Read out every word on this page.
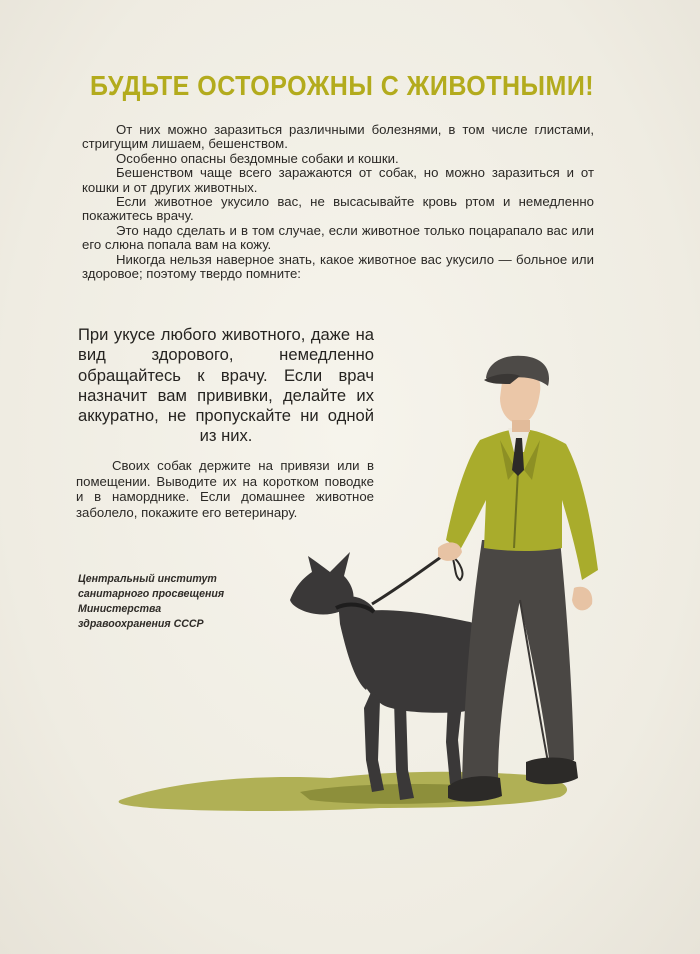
БУДЬТЕ ОСТОРОЖНЫ С ЖИВОТНЫМИ!

От них можно заразиться различными болезнями, в том числе глистами, стригущим лишаем, бешенством.

Особенно опасны бездомные собаки и кошки.

Бешенством чаще всего заражаются от собак, но можно заразиться и от кошки и от других животных.

Если животное укусило вас, не высасывайте кровь ртом и немедленно покажитесь врачу.

Это надо сделать и в том случае, если животное только поцарапало вас или его слюна попала вам на кожу.

Никогда нельзя наверное знать, какое животное вас укусило — больное или здоровое; поэтому твердо помните:

При укусе любого животного, даже на вид здорового, немедленно обращайтесь к врачу. Если врач назначит вам прививки, делайте их аккуратно, не пропускайте ни одной из них.

Своих собак держите на привязи или в помещении. Выводите их на коротком поводке и в наморднике. Если домашнее животное заболело, покажите его ветеринару.

Центральный институт
санитарного просвещения
Министерства
здравоохранения СССР
